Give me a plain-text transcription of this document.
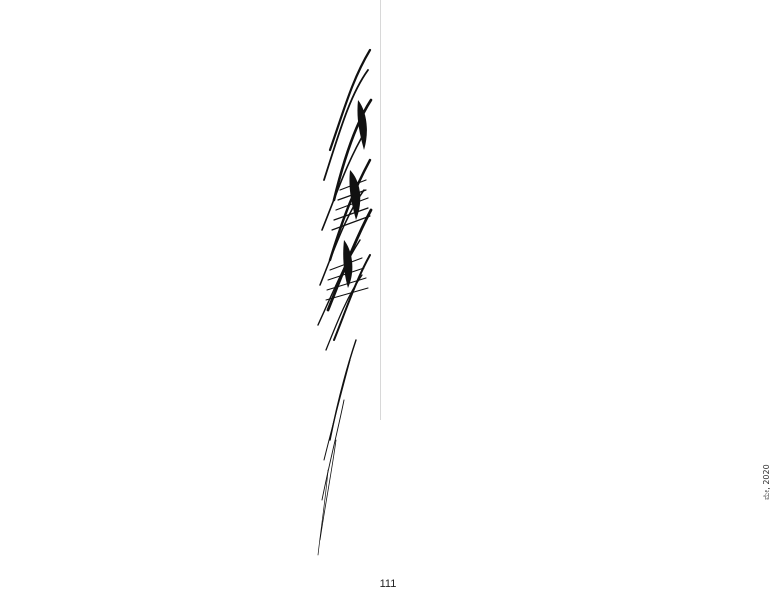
ಮೇ, 2020
111
